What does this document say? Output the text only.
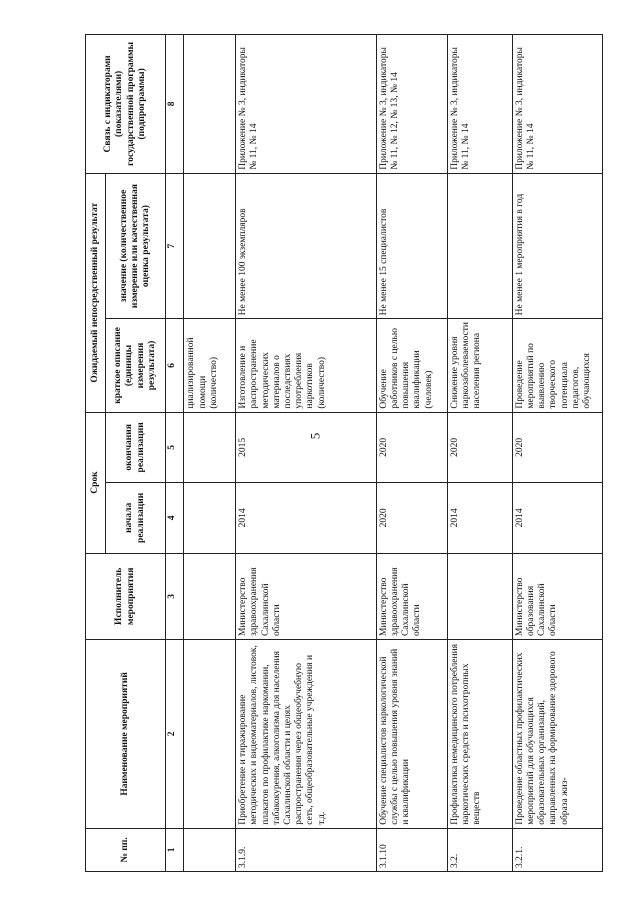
5
№ пп.	Наименование мероприятий	Исполнитель мероприятия	Срок		Ожидаемый непосредственный результат		Связь с индикаторами (показателями) государственной программы (подпрограммы)
			начала реализации	окончания реализации	краткое описание (единицы измерения результата)	значение (количественное измерение или качественная оценка результата)	
1	2	3	4	5	6	7	8
					циализированной помощи (количество)		
3.1.9.	Приобретение и тиражирование методических и видеоматериалов, листовок, плакатов по профилактике наркомании, табакокурения, алкоголизма для населения Сахалинской области и целях распространения через общеобучебную сеть, общеобразовательные учреждения и т.д.	Министерство здравоохранения Сахалинской области	2014	2015	Изготовление и распространение методических материалов о последствиях употребления наркотиков (количество)	Не менее 100 экземпляров	Приложение № 3, индикаторы № 11, № 14
3.1.10	Обучение специалистов наркологической службы с целью повышения уровня знаний и квалификации	Министерство здравоохранения Сахалинской области	2020	2020	Обучение работников с целью повышения квалификации (человек)	Не менее 15 специалистов	Приложение № 3, индикаторы № 11, № 12, № 13, № 14
3.2.	Профилактика немедицинского потребления наркотических средств и психотропных веществ		2014	2020	Снижение уровня наркозаболеваемости населения региона		Приложение № 3, индикаторы № 11, № 14
3.2.1.	Проведение областных профилактических мероприятий для обучающихся образовательных организаций, направленных на формирование здорового образа жиз-	Министерство образования Сахалинской области	2014	2020	Проведение мероприятий по выявлению творческого потенциала педагогов, обучающихся	Не менее 1 мероприятия в год	Приложение № 3, индикаторы № 11, № 14
